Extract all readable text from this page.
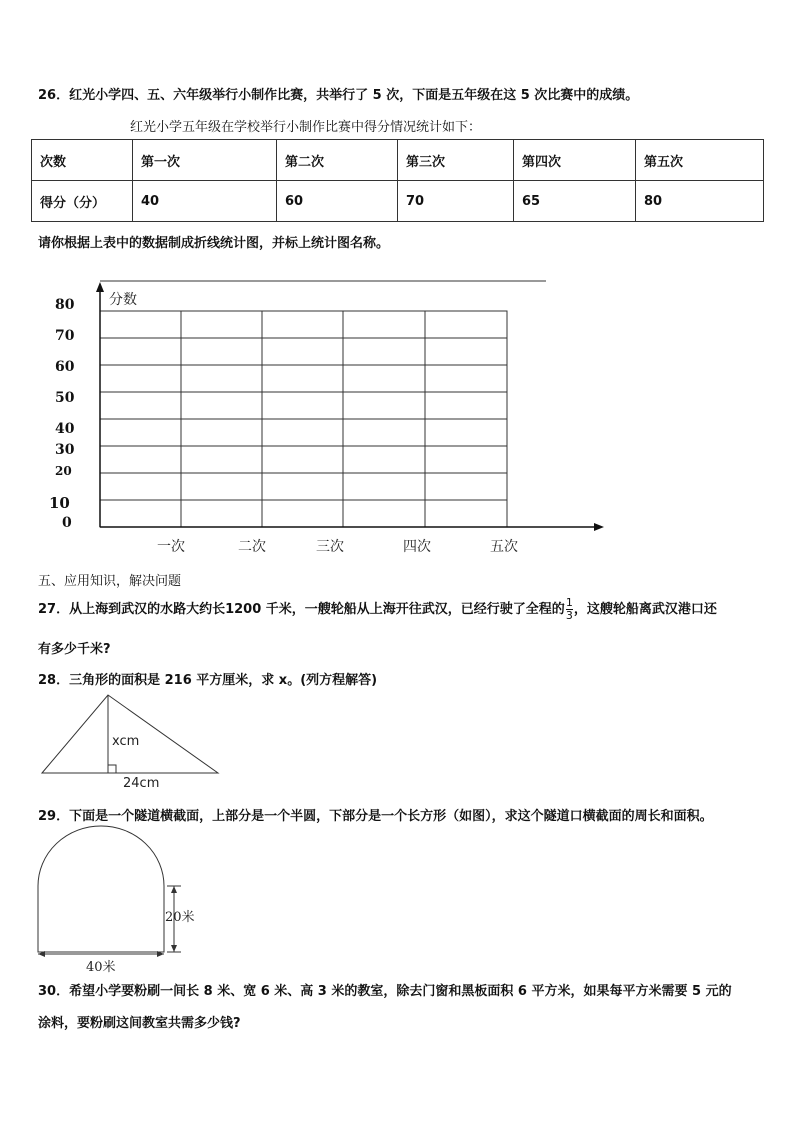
26．红光小学四、五、六年级举行小制作比赛，共举行了 5 次，下面是五年级在这 5 次比赛中的成绩。
红光小学五年级在学校举行小制作比赛中得分情况统计如下：
次数	第一次	第二次	第三次	第四次	第五次
得分（分）	40	60	70	65	80
请你根据上表中的数据制成折线统计图，并标上统计图名称。
分数
80
70
60
50
40
30
20
10
0
一次	二次	三次	四次	五次
五、应用知识，解决问题
27．从上海到武汉的水路大约长1200 千米，一艘轮船从上海开往武汉，已经行驶了全程的 $\frac{1}{3}$ ，这艘轮船离武汉港口还
有多少千米?
28．三角形的面积是 216 平方厘米，求 x。(列方程解答)
xcm
24cm
29．下面是一个隧道横截面，上部分是一个半圆，下部分是一个长方形（如图），求这个隧道口横截面的周长和面积。
20米
40米
30．希望小学要粉刷一间长 8 米、宽 6 米、高 3 米的教室，除去门窗和黑板面积 6 平方米，如果每平方米需要 5 元的
涂料，要粉刷这间教室共需多少钱?
